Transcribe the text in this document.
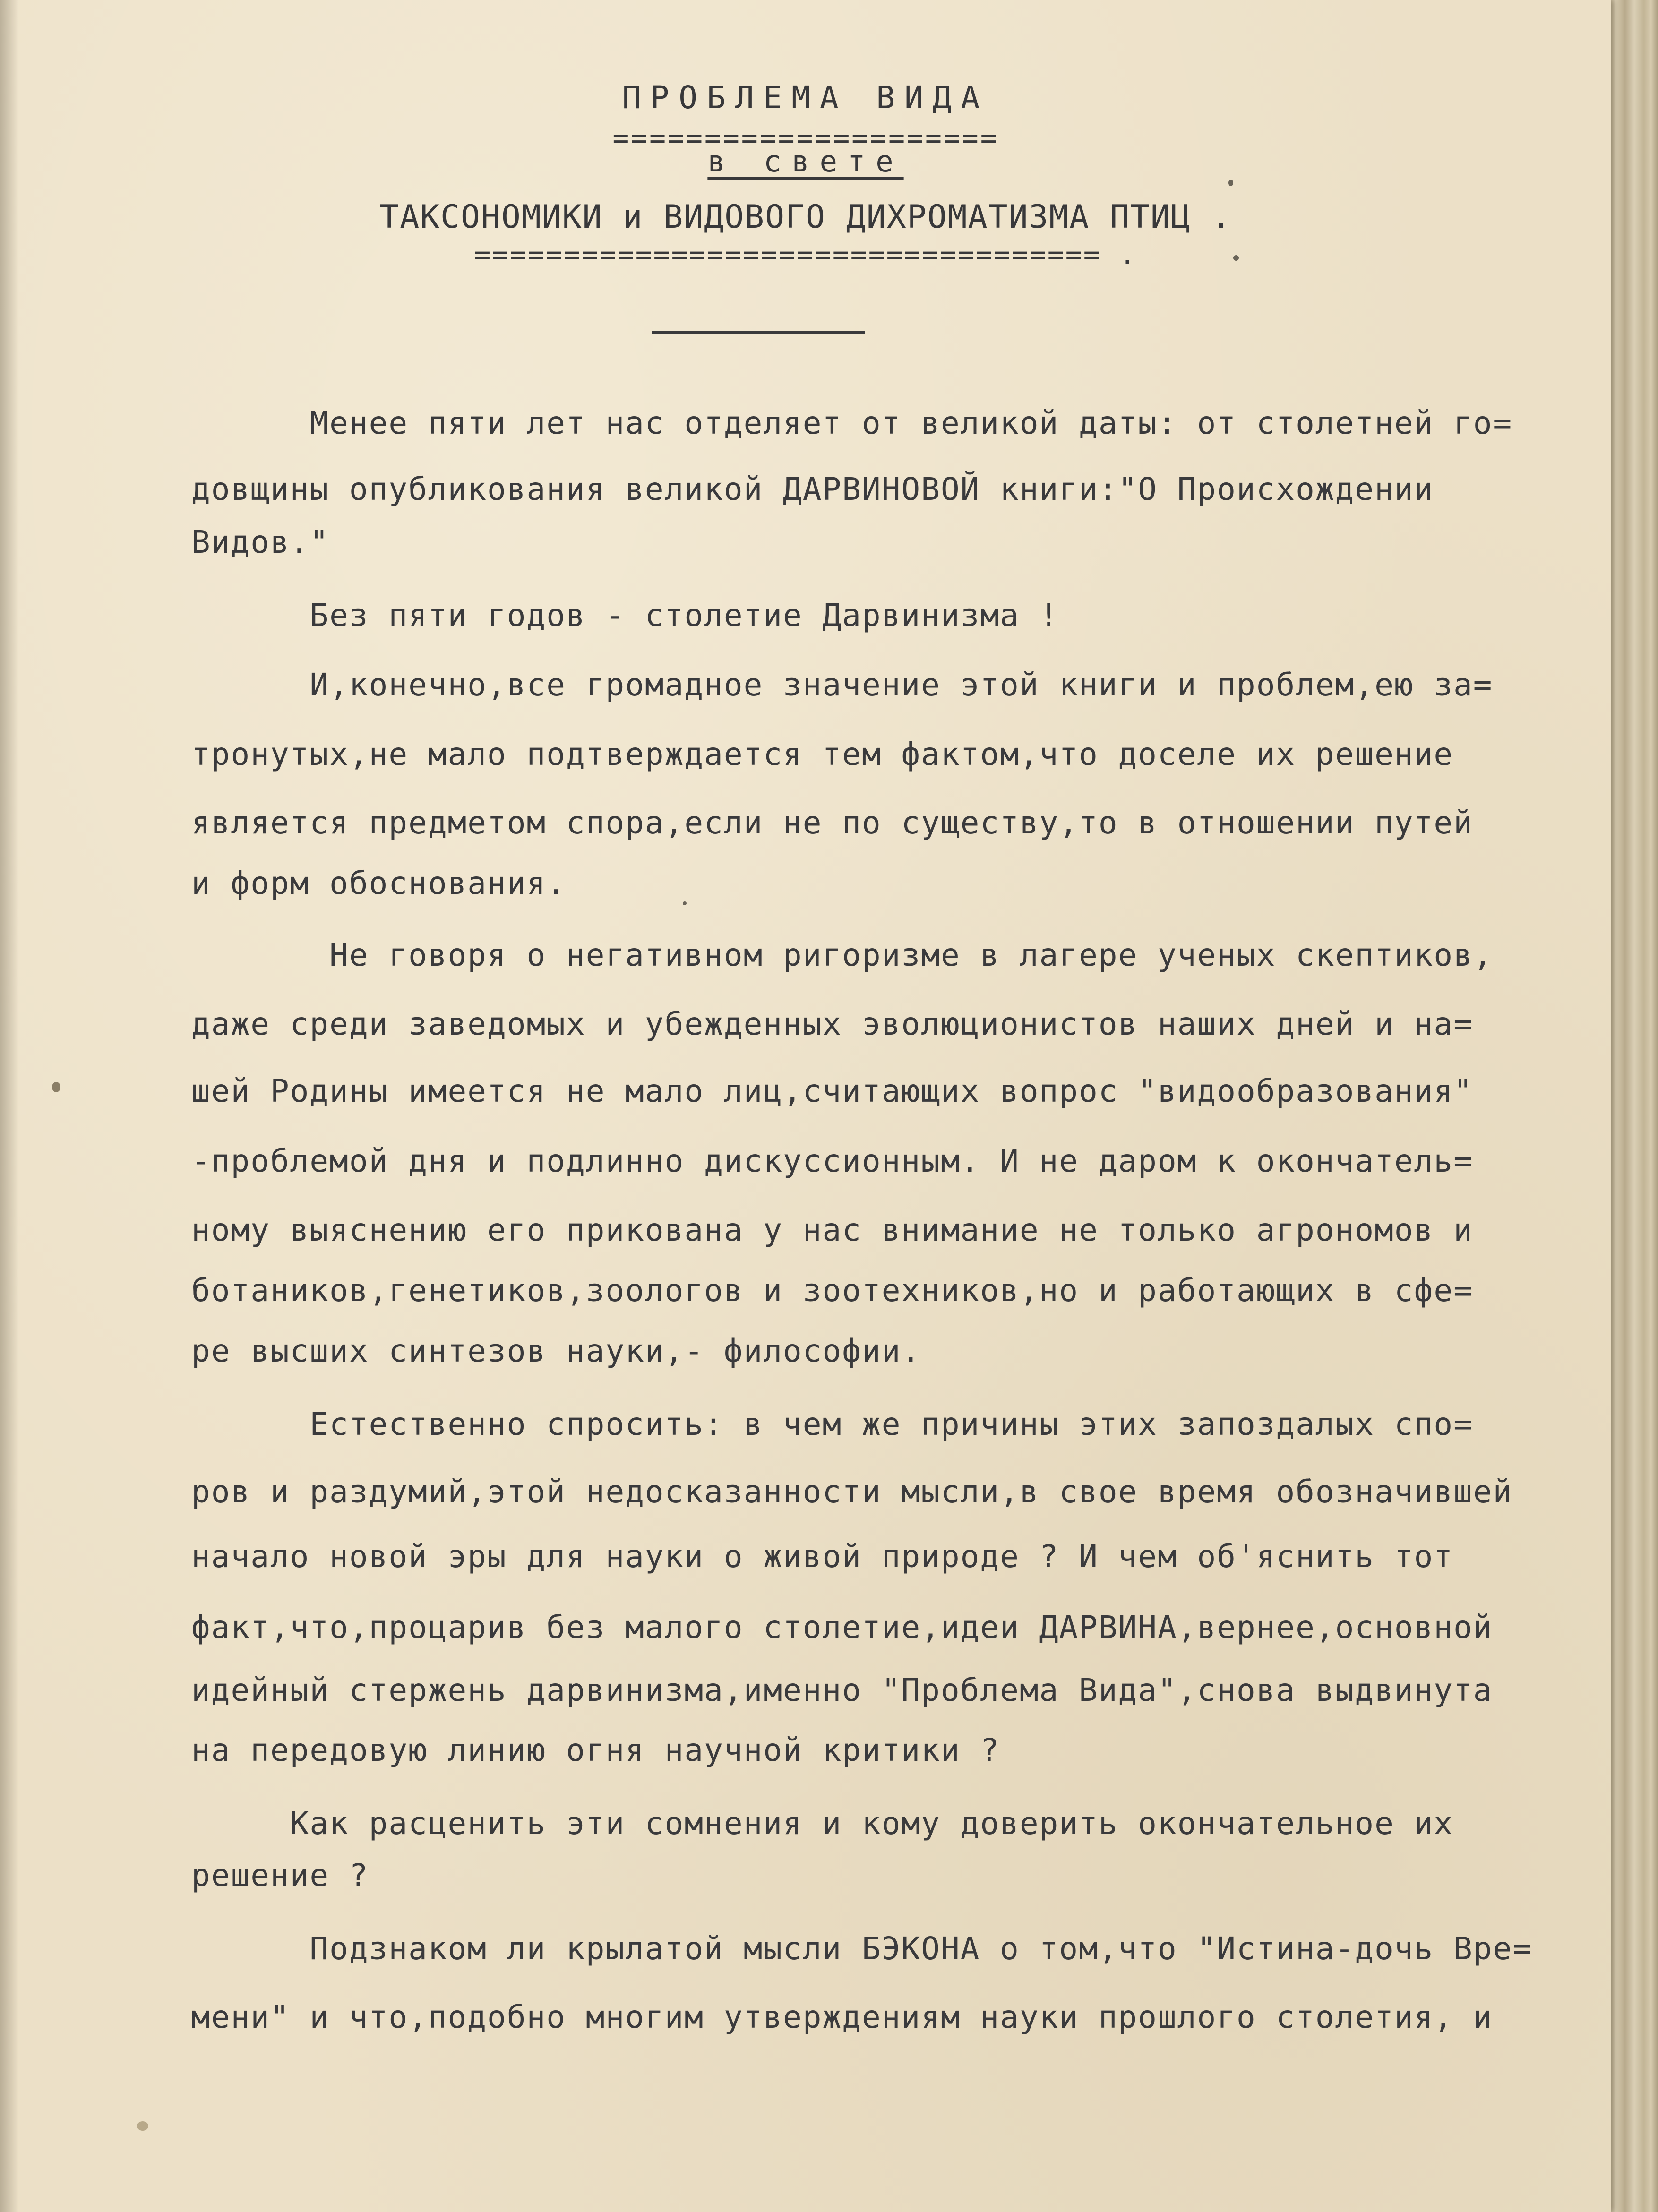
ПРОБЛЕМА ВИДА
=====================
в свете
ТАКСОНОМИКИ и ВИДОВОГО ДИХРОМАТИЗМА ПТИЦ .
=================================== .
Менее пяти лет нас отделяет от великой даты: от столетней го=
довщины опубликования великой ДАРВИНОВОЙ книги:"О Происхождении
Видов."
Без пяти годов - столетие Дарвинизма !
И,конечно,все громадное значение этой книги и проблем,ею за=
тронутых,не мало подтверждается тем фактом,что доселе их решение
является предметом спора,если не по существу,то в отношении путей
и форм обоснования.
Не говоря о негативном ригоризме в лагере ученых скептиков,
даже среди заведомых и убежденных эволюционистов наших дней и на=
шей Родины имеется не мало лиц,считающих вопрос "видообразования"
-проблемой дня и подлинно дискуссионным. И не даром к окончатель=
ному выяснению его прикована у нас внимание не только агрономов и
ботаников,генетиков,зоологов и зоотехников,но и работающих в сфе=
ре высших синтезов науки,- философии.
Естественно спросить: в чем же причины этих запоздалых спо=
ров и раздумий,этой недосказанности мысли,в свое время обозначившей
начало новой эры для науки о живой природе ? И чем об'яснить тот
факт,что,процарив без малого столетие,идеи ДАРВИНА,вернее,основной
идейный стержень дарвинизма,именно "Проблема Вида",снова выдвинута
на передовую линию огня научной критики ?
Как расценить эти сомнения и кому доверить окончательное их
решение ?
Подзнаком ли крылатой мысли БЭКОНА о том,что "Истина-дочь Вре=
мени" и что,подобно многим утверждениям науки прошлого столетия, и
